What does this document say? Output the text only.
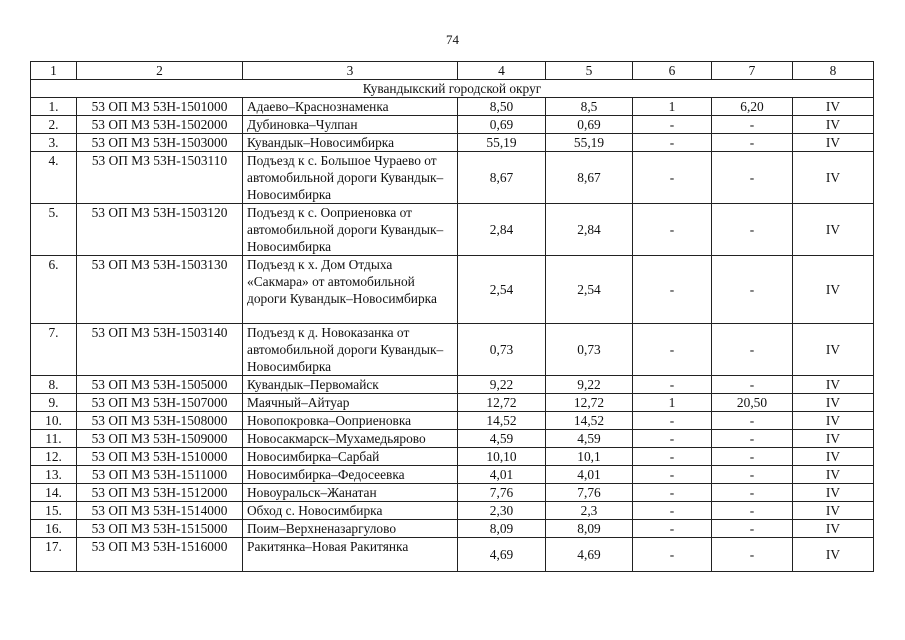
74
1	2	3	4	5	6	7	8
Кувандыкский городской округ							
1.	53 ОП МЗ 53Н-1501000	Адаево–Краснознаменка	8,50	8,5	1	6,20	IV
2.	53 ОП МЗ 53Н-1502000	Дубиновка–Чулпан	0,69	0,69	-	-	IV
3.	53 ОП МЗ 53Н-1503000	Кувандык–Новосимбирка	55,19	55,19	-	-	IV
4.	53 ОП МЗ 53Н-1503110	Подъезд к с. Большое Чураево от автомобильной дороги Кувандык–Новосимбирка	8,67	8,67	-	-	IV
5.	53 ОП МЗ 53Н-1503120	Подъезд к с. Ооприеновка от автомобильной дороги Кувандык–Новосимбирка	2,84	2,84	-	-	IV
6.	53 ОП МЗ 53Н-1503130	Подъезд к х. Дом Отдыха «Сакмара» от автомобильной дороги Кувандык–Новосимбирка	2,54	2,54	-	-	IV
7.	53 ОП МЗ 53Н-1503140	Подъезд к д. Новоказанка от автомобильной дороги Кувандык–Новосимбирка	0,73	0,73	-	-	IV
8.	53 ОП МЗ 53Н-1505000	Кувандык–Первомайск	9,22	9,22	-	-	IV
9.	53 ОП МЗ 53Н-1507000	Маячный–Айтуар	12,72	12,72	1	20,50	IV
10.	53 ОП МЗ 53Н-1508000	Новопокровка–Ооприеновка	14,52	14,52	-	-	IV
11.	53 ОП МЗ 53Н-1509000	Новосакмарск–Мухамедьярово	4,59	4,59	-	-	IV
12.	53 ОП МЗ 53Н-1510000	Новосимбирка–Сарбай	10,10	10,1	-	-	IV
13.	53 ОП МЗ 53Н-1511000	Новосимбирка–Федосеевка	4,01	4,01	-	-	IV
14.	53 ОП МЗ 53Н-1512000	Новоуральск–Жанатан	7,76	7,76	-	-	IV
15.	53 ОП МЗ 53Н-1514000	Обход с. Новосимбирка	2,30	2,3	-	-	IV
16.	53 ОП МЗ 53Н-1515000	Поим–Верхненазаргулово	8,09	8,09	-	-	IV
17.	53 ОП МЗ 53Н-1516000	Ракитянка–Новая Ракитянка	4,69	4,69	-	-	IV
